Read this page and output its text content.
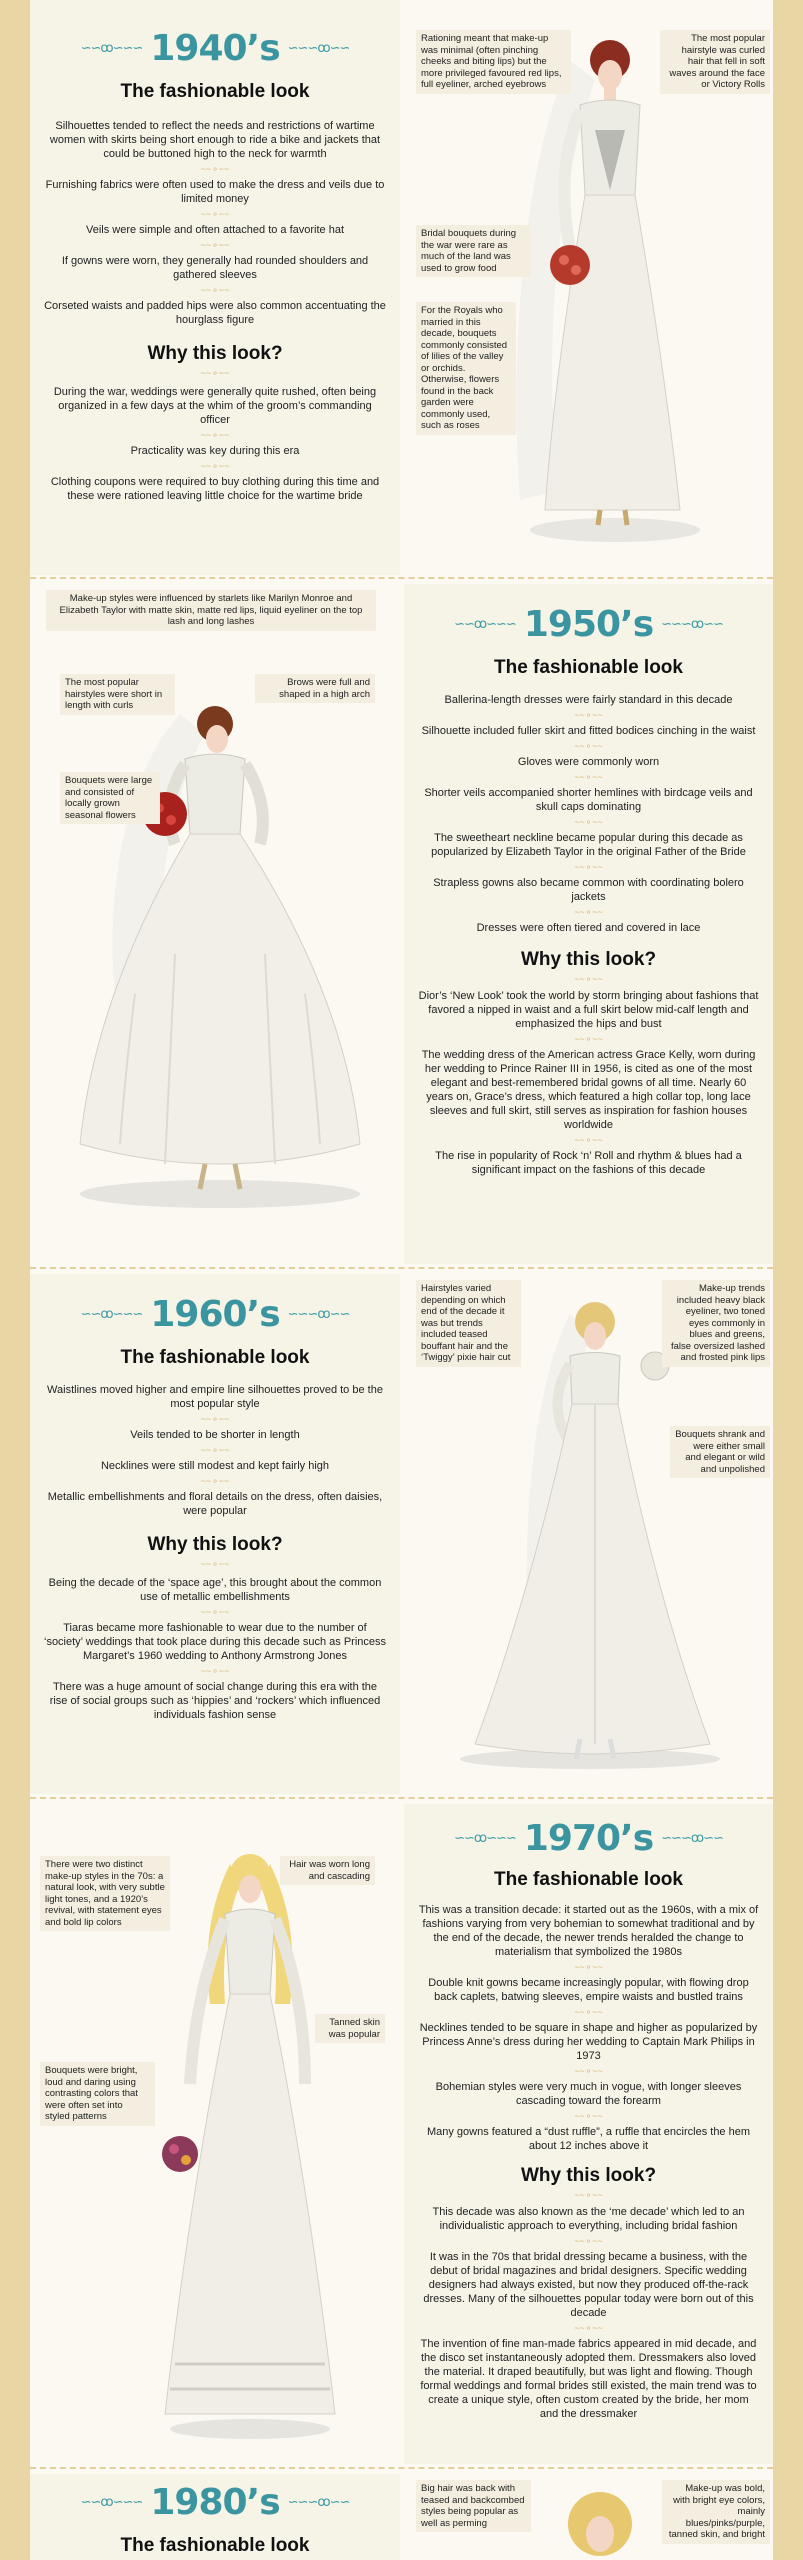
∽∽ꝏ∽∽∽ 1940’s ∽∽∽ꝏ∽∽
The fashionable look

Silhouettes tended to reflect the needs and restrictions of wartime women with skirts being short enough to ride a bike and jackets that could be buttoned high to the neck for warmth

~~⚬~~

Furnishing fabrics were often used to make the dress and veils due to limited money

~~⚬~~

Veils were simple and often attached to a favorite hat

~~⚬~~

If gowns were worn, they generally had rounded shoulders and gathered sleeves

~~⚬~~

Corseted waists and padded hips were also common accentuating the hourglass figure

Why this look?
~~⚬~~

During the war, weddings were generally quite rushed, often being organized in a few days at the whim of the groom’s commanding officer

~~⚬~~

Practicality was key during this era

~~⚬~~

Clothing coupons were required to buy clothing during this time and these were rationed leaving little choice for the wartime bride

Rationing meant that make-up was minimal (often pinching cheeks and biting lips) but the more privileged favoured red lips, full eyeliner, arched eyebrows
The most popular hairstyle was curled hair that fell in soft waves around the face or Victory Rolls
Bridal bouquets during the war were rare as much of the land was used to grow food
For the Royals who married in this decade, bouquets commonly consisted of lilies of the valley or orchids. Otherwise, flowers found in the back garden were commonly used, such as roses
∽∽ꝏ∽∽∽ 1950’s ∽∽∽ꝏ∽∽
The fashionable look

Ballerina-length dresses were fairly standard in this decade

~~⚬~~

Silhouette included fuller skirt and fitted bodices cinching in the waist

~~⚬~~

Gloves were commonly worn

~~⚬~~

Shorter veils accompanied shorter hemlines with birdcage veils and skull caps dominating

~~⚬~~

The sweetheart neckline became popular during this decade as popularized by Elizabeth Taylor in the original Father of the Bride

~~⚬~~

Strapless gowns also became common with coordinating bolero jackets

~~⚬~~

Dresses were often tiered and covered in lace

Why this look?
~~⚬~~

Dior’s ‘New Look’ took the world by storm bringing about fashions that favored a nipped in waist and a full skirt below mid-calf length and emphasized the hips and bust

~~⚬~~

The wedding dress of the American actress Grace Kelly, worn during her wedding to Prince Rainer III in 1956, is cited as one of the most elegant and best-remembered bridal gowns of all time. Nearly 60 years on, Grace’s dress, which featured a high collar top, long lace sleeves and full skirt, still serves as inspiration for fashion houses worldwide

~~⚬~~

The rise in popularity of Rock ‘n’ Roll and rhythm & blues had a significant impact on the fashions of this decade

Make-up styles were influenced by starlets like Marilyn Monroe and Elizabeth Taylor with matte skin, matte red lips, liquid eyeliner on the top lash and long lashes
The most popular hairstyles were short in length with curls
Brows were full and shaped in a high arch
Bouquets were large and consisted of locally grown seasonal flowers
∽∽ꝏ∽∽∽ 1960’s ∽∽∽ꝏ∽∽
The fashionable look

Waistlines moved higher and empire line silhouettes proved to be the most popular style

~~⚬~~

Veils tended to be shorter in length

~~⚬~~

Necklines were still modest and kept fairly high

~~⚬~~

Metallic embellishments and floral details on the dress, often daisies, were popular

Why this look?
~~⚬~~

Being the decade of the ‘space age’, this brought about the common use of metallic embellishments

~~⚬~~

Tiaras became more fashionable to wear due to the number of ‘society’ weddings that took place during this decade such as Princess Margaret’s 1960 wedding to Anthony Armstrong Jones

~~⚬~~

There was a huge amount of social change during this era with the rise of social groups such as ‘hippies’ and ‘rockers’ which influenced individuals fashion sense

Hairstyles varied depending on which end of the decade it was but trends included teased bouffant hair and the ‘Twiggy’ pixie hair cut
Make-up trends included heavy black eyeliner, two toned eyes commonly in blues and greens, false oversized lashed and frosted pink lips
Bouquets shrank and were either small and elegant or wild and unpolished
∽∽ꝏ∽∽∽ 1970’s ∽∽∽ꝏ∽∽
The fashionable look

This was a transition decade: it started out as the 1960s, with a mix of fashions varying from very bohemian to somewhat traditional and by the end of the decade, the newer trends heralded the change to materialism that symbolized the 1980s

~~⚬~~

Double knit gowns became increasingly popular, with flowing drop back caplets, batwing sleeves, empire waists and bustled trains

~~⚬~~

Necklines tended to be square in shape and higher as popularized by Princess Anne’s dress during her wedding to Captain Mark Philips in 1973

~~⚬~~

Bohemian styles were very much in vogue, with longer sleeves cascading toward the forearm

~~⚬~~

Many gowns featured a “dust ruffle”, a ruffle that encircles the hem about 12 inches above it

Why this look?
~~⚬~~

This decade was also known as the ‘me decade’ which led to an individualistic approach to everything, including bridal fashion

~~⚬~~

It was in the 70s that bridal dressing became a business, with the debut of bridal magazines and bridal designers. Specific wedding designers had always existed, but now they produced off-the-rack dresses. Many of the silhouettes popular today were born out of this decade

~~⚬~~

The invention of fine man-made fabrics appeared in mid decade, and the disco set instantaneously adopted them. Dressmakers also loved the material. It draped beautifully, but was light and flowing. Though formal weddings and formal brides still existed, the main trend was to create a unique style, often custom created by the bride, her mom and the dressmaker

There were two distinct make-up styles in the 70s: a natural look, with very subtle light tones, and a 1920’s revival, with statement eyes and bold lip colors
Hair was worn long and cascading
Tanned skin was popular
Bouquets were bright, loud and daring using contrasting colors that were often set into styled patterns
∽∽ꝏ∽∽∽ 1980’s ∽∽∽ꝏ∽∽
The fashionable look
Big hair was back with teased and backcombed styles being popular as well as perming
Make-up was bold, with bright eye colors, mainly blues/pinks/purple, tanned skin, and bright
